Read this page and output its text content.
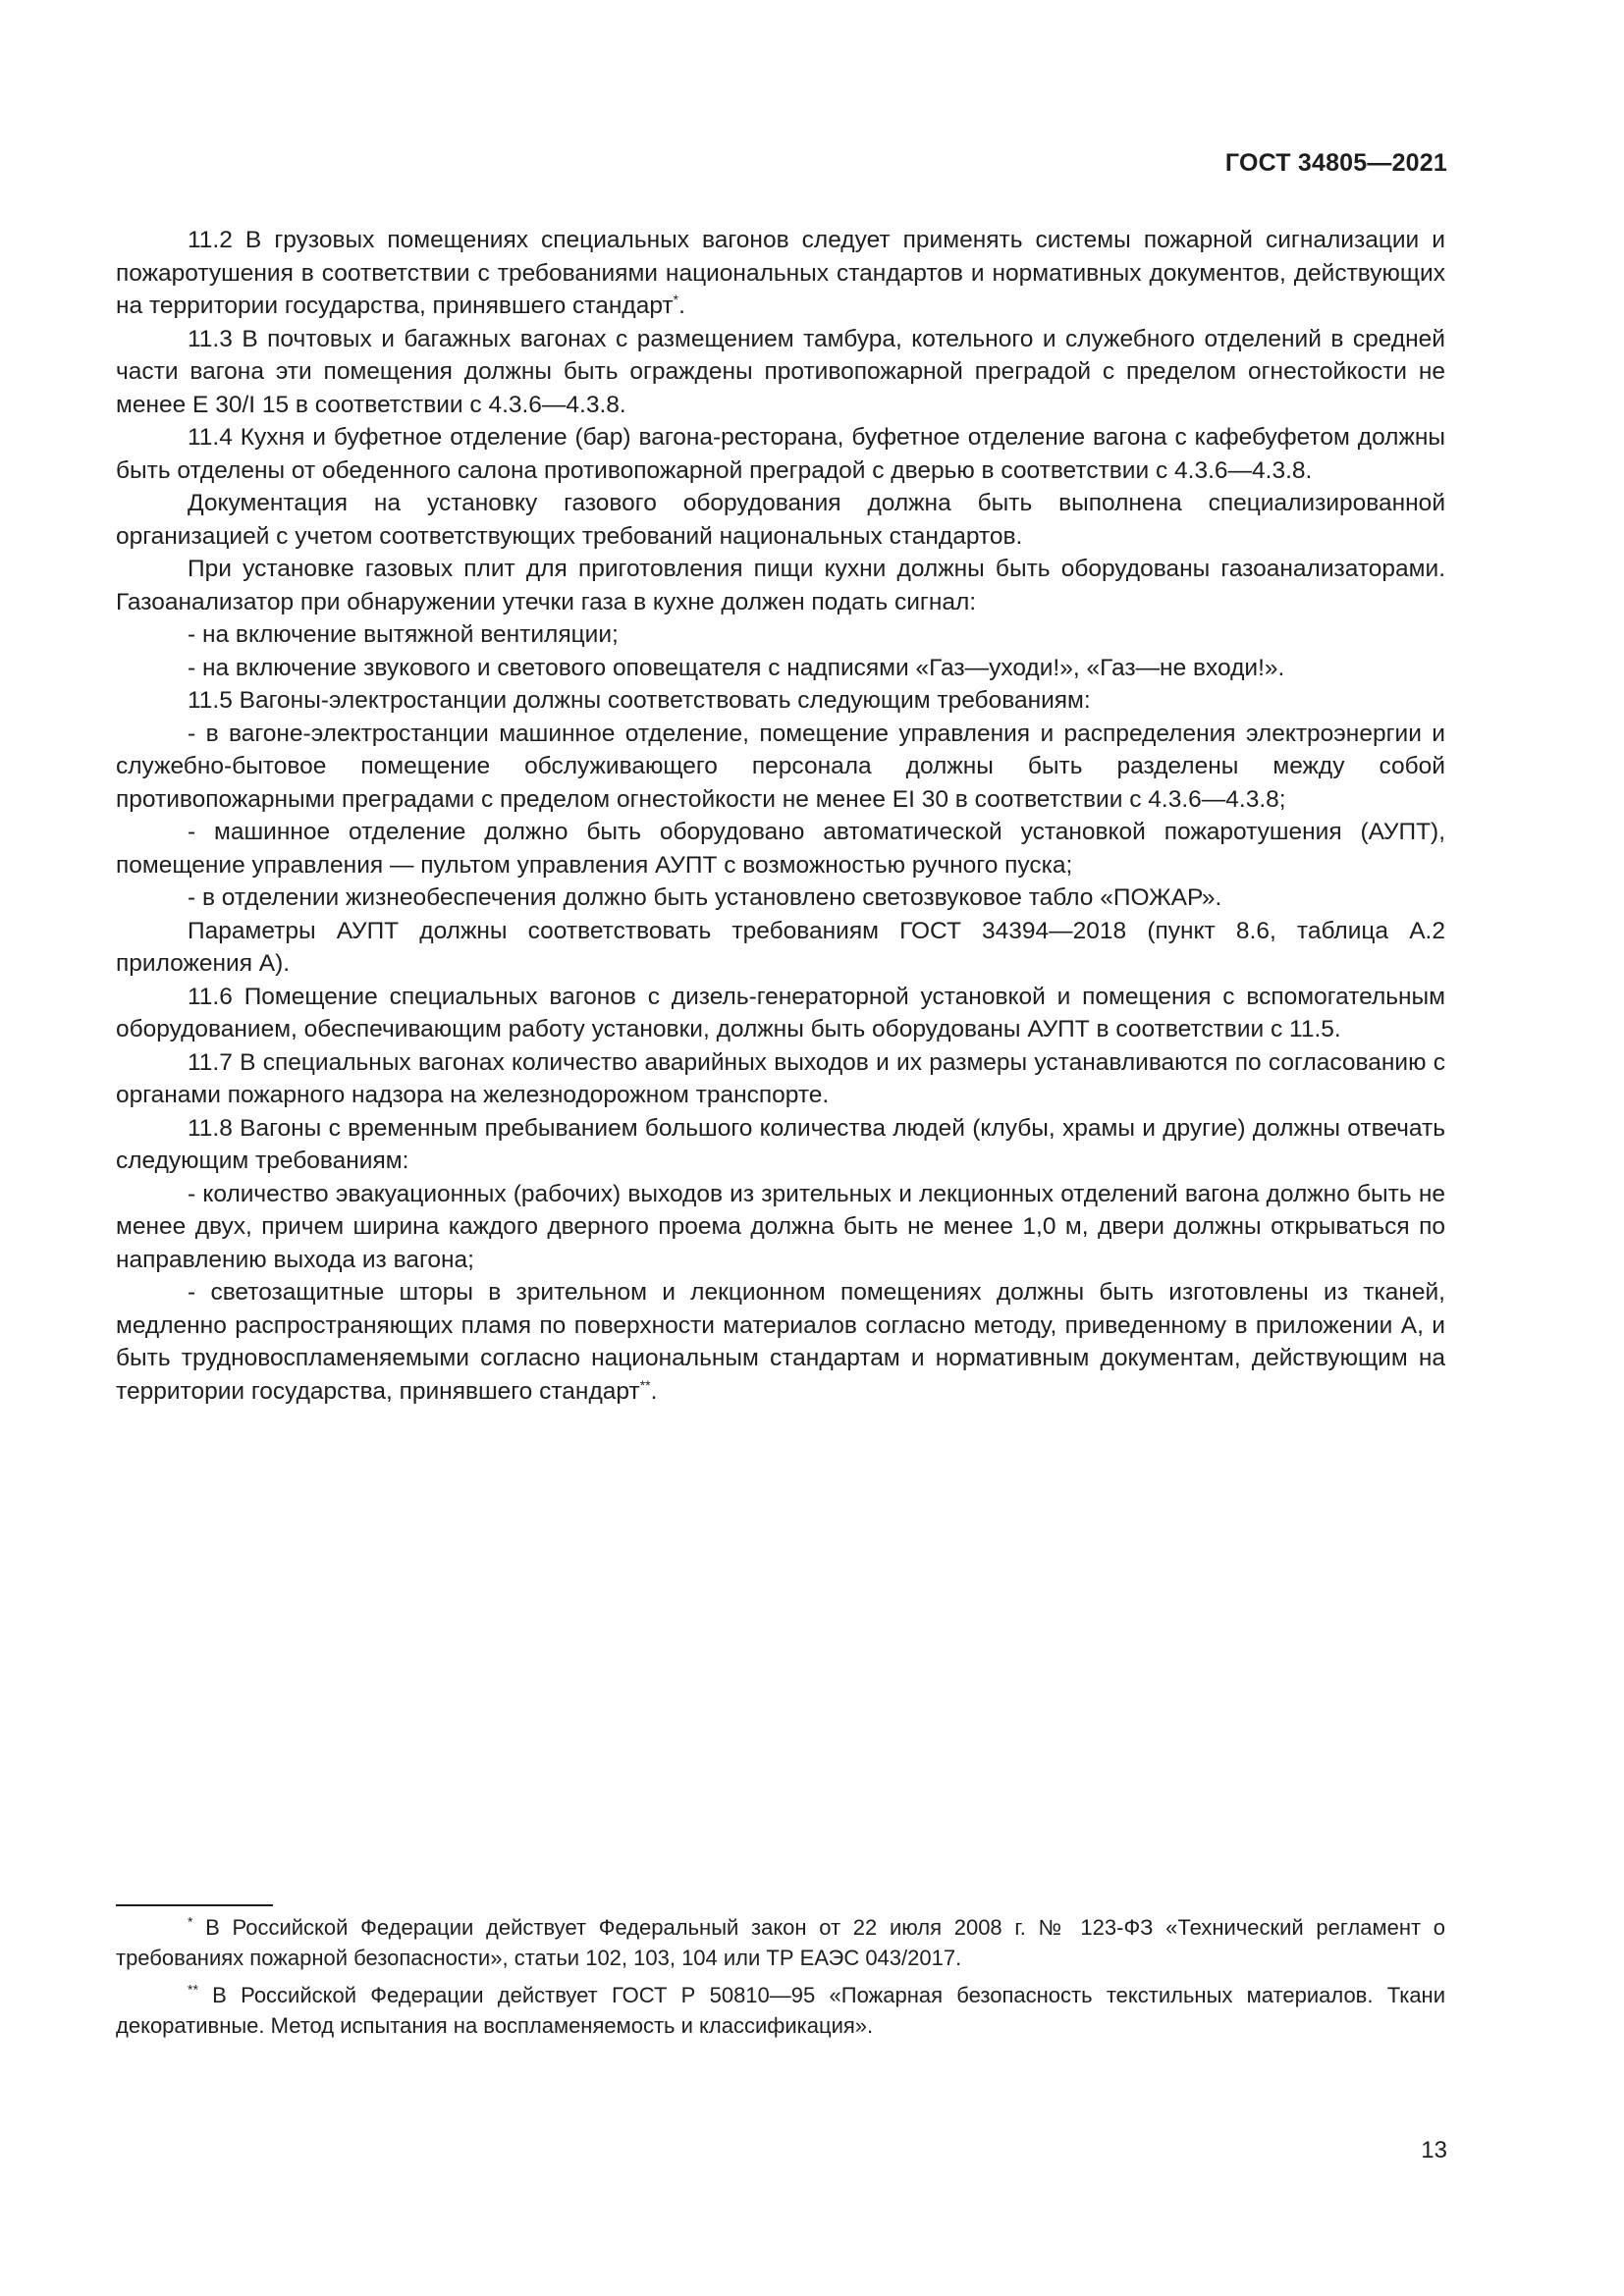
ГОСТ 34805—2021

11.2 В грузовых помещениях специальных вагонов следует применять системы пожарной сигнализации и пожаротушения в соответствии с требованиями национальных стандартов и нормативных документов, действующих на территории государства, принявшего стандарт*.

11.3 В почтовых и багажных вагонах с размещением тамбура, котельного и служебного отделений в средней части вагона эти помещения должны быть ограждены противопожарной преградой с пределом огнестойкости не менее E 30/I 15 в соответствии с 4.3.6—4.3.8.

11.4 Кухня и буфетное отделение (бар) вагона-ресторана, буфетное отделение вагона с кафебуфетом должны быть отделены от обеденного салона противопожарной преградой с дверью в соответствии с 4.3.6—4.3.8.

Документация на установку газового оборудования должна быть выполнена специализированной организацией с учетом соответствующих требований национальных стандартов.

При установке газовых плит для приготовления пищи кухни должны быть оборудованы газоанализаторами. Газоанализатор при обнаружении утечки газа в кухне должен подать сигнал:

- на включение вытяжной вентиляции;

- на включение звукового и светового оповещателя с надписями «Газ—уходи!», «Газ—не входи!».

11.5 Вагоны-электростанции должны соответствовать следующим требованиям:

- в вагоне-электростанции машинное отделение, помещение управления и распределения электроэнергии и служебно-бытовое помещение обслуживающего персонала должны быть разделены между собой противопожарными преградами с пределом огнестойкости не менее EI 30 в соответствии с 4.3.6—4.3.8;

- машинное отделение должно быть оборудовано автоматической установкой пожаротушения (АУПТ), помещение управления — пультом управления АУПТ с возможностью ручного пуска;

- в отделении жизнеобеспечения должно быть установлено светозвуковое табло «ПОЖАР».

Параметры АУПТ должны соответствовать требованиям ГОСТ 34394—2018 (пункт 8.6, таблица А.2 приложения А).

11.6 Помещение специальных вагонов с дизель-генераторной установкой и помещения с вспомогательным оборудованием, обеспечивающим работу установки, должны быть оборудованы АУПТ в соответствии с 11.5.

11.7 В специальных вагонах количество аварийных выходов и их размеры устанавливаются по согласованию с органами пожарного надзора на железнодорожном транспорте.

11.8 Вагоны с временным пребыванием большого количества людей (клубы, храмы и другие) должны отвечать следующим требованиям:

- количество эвакуационных (рабочих) выходов из зрительных и лекционных отделений вагона должно быть не менее двух, причем ширина каждого дверного проема должна быть не менее 1,0 м, двери должны открываться по направлению выхода из вагона;

- светозащитные шторы в зрительном и лекционном помещениях должны быть изготовлены из тканей, медленно распространяющих пламя по поверхности материалов согласно методу, приведенному в приложении А, и быть трудновоспламеняемыми согласно национальным стандартам и нормативным документам, действующим на территории государства, принявшего стандарт**.

* В Российской Федерации действует Федеральный закон от 22 июля 2008 г. № 123-ФЗ «Технический регламент о требованиях пожарной безопасности», статьи 102, 103, 104 или ТР ЕАЭС 043/2017.

** В Российской Федерации действует ГОСТ Р 50810—95 «Пожарная безопасность текстильных материалов. Ткани декоративные. Метод испытания на воспламеняемость и классификация».

13
